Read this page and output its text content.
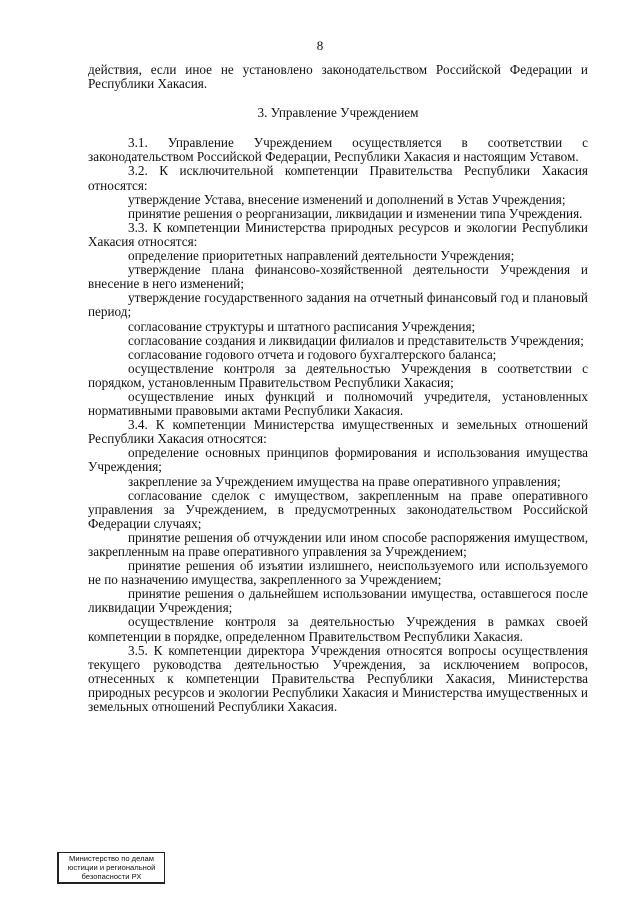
8

действия, если иное не установлено законодательством Российской Федерации и Республики Хакасия.

3. Управление Учреждением

3.1. Управление Учреждением осуществляется в соответствии с законодательством Российской Федерации, Республики Хакасия и настоящим Уставом.

3.2. К исключительной компетенции Правительства Республики Хакасия относятся:

утверждение Устава, внесение изменений и дополнений в Устав Учреждения;

принятие решения о реорганизации, ликвидации и изменении типа Учреждения.

3.3. К компетенции Министерства природных ресурсов и экологии Республики Хакасия относятся:

определение приоритетных направлений деятельности Учреждения;

утверждение плана финансово-хозяйственной деятельности Учреждения и внесение в него изменений;

утверждение государственного задания на отчетный финансовый год и плановый период;

согласование структуры и штатного расписания Учреждения;

согласование создания и ликвидации филиалов и представительств Учреждения;

согласование годового отчета и годового бухгалтерского баланса;

осуществление контроля за деятельностью Учреждения в соответствии с порядком, установленным Правительством Республики Хакасия;

осуществление иных функций и полномочий учредителя, установленных нормативными правовыми актами Республики Хакасия.

3.4. К компетенции Министерства имущественных и земельных отношений Республики Хакасия относятся:

определение основных принципов формирования и использования имущества Учреждения;

закрепление за Учреждением имущества на праве оперативного управления;

согласование сделок с имуществом, закрепленным на праве оперативного управления за Учреждением, в предусмотренных законодательством Российской Федерации случаях;

принятие решения об отчуждении или ином способе распоряжения имуществом, закрепленным на праве оперативного управления за Учреждением;

принятие решения об изъятии излишнего, неиспользуемого или используемого не по назначению имущества, закрепленного за Учреждением;

принятие решения о дальнейшем использовании имущества, оставшегося после ликвидации Учреждения;

осуществление контроля за деятельностью Учреждения в рамках своей компетенции в порядке, определенном Правительством Республики Хакасия.

3.5. К компетенции директора Учреждения относятся вопросы осуществления текущего руководства деятельностью Учреждения, за исключением вопросов, отнесенных к компетенции Правительства Республики Хакасия, Министерства природных ресурсов и экологии Республики Хакасия и Министерства имущественных и земельных отношений Республики Хакасия.

Министерство по делам
юстиции и региональной
безопасности РХ
